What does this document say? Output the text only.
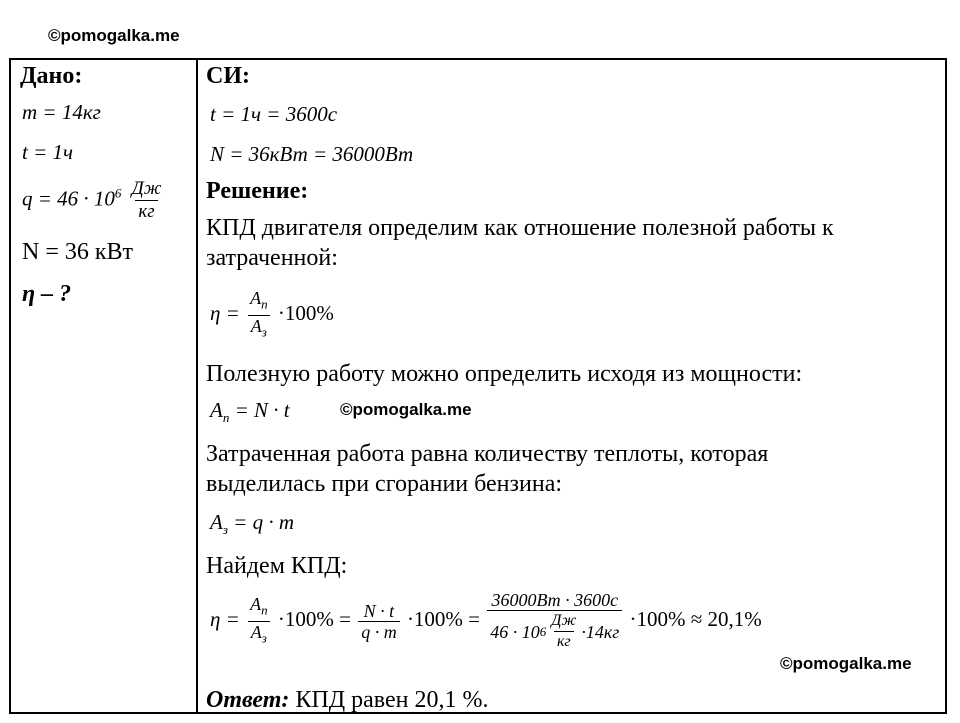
©pomogalka.me
©pomogalka.me
©pomogalka.me
Дано:
m = 14кг
t = 1ч
$q = 46 \cdot 10^6 \frac{Дж}{кг}$
N = 36 кВт
η – ?
СИ:
t = 1ч = 3600с
N = 36кВт = 36000Вт
Решение:
КПД двигателя определим как отношение полезной работы к
затраченной:
$\eta = \frac{A_п}{A_з} \cdot 100\%$
Полезную работу можно определить исходя из мощности:
$A_п = N \cdot t$
Затраченная работа равна количеству теплоты, которая
выделилась при сгорании бензина:
$A_з = q \cdot m$
Найдем КПД:
$\eta = \frac{A_п}{A_з} \cdot 100\% = \frac{N \cdot t}{q \cdot m} \cdot 100\% = \frac{36000Вт \cdot 3600с}{46 \cdot 10 6 \frac{Дж}{кг} \cdot 14кг} \cdot 100\% \approx 20,1\%$
Ответ: КПД равен 20,1 %.
